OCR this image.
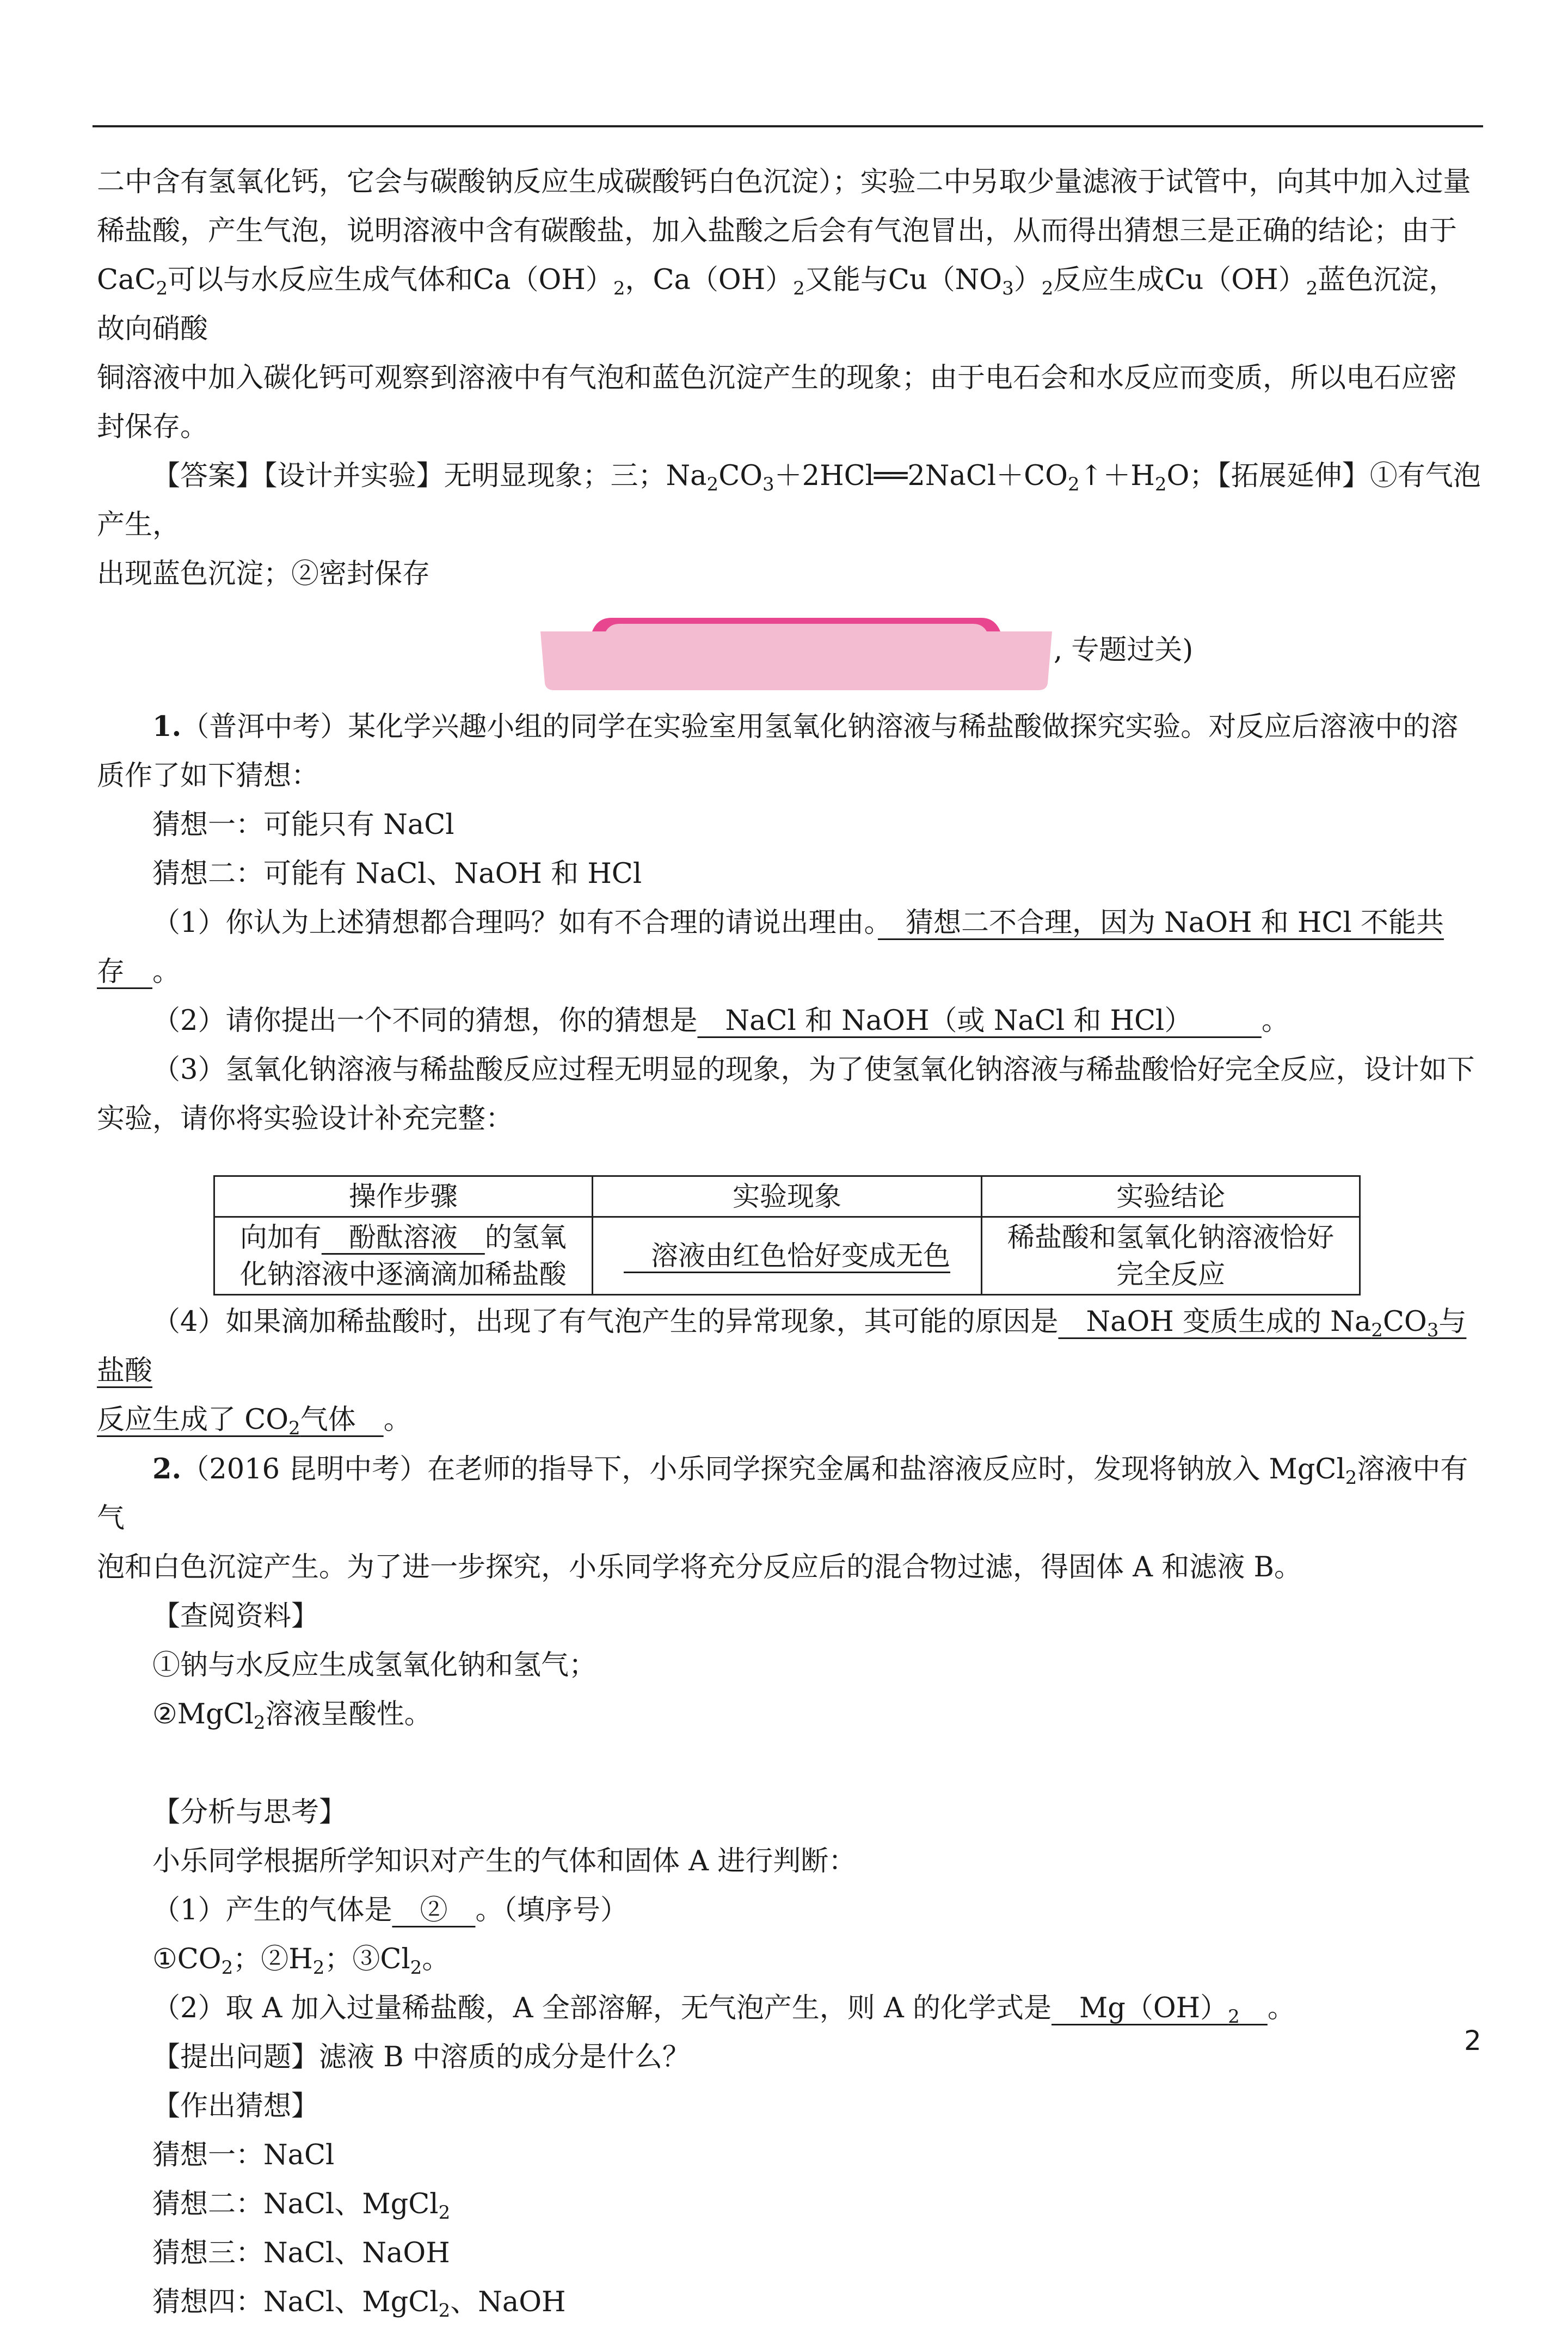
二中含有氢氧化钙，它会与碳酸钠反应生成碳酸钙白色沉淀）；实验二中另取少量滤液于试管中，向其中加入过量

稀盐酸，产生气泡，说明溶液中含有碳酸盐，加入盐酸之后会有气泡冒出，从而得出猜想三是正确的结论；由于

CaC$_2$可以与水反应生成气体和$Ca(OH)_2$，$Ca(OH)_2$又能与$Cu(NO_3)_2$反应生成$Cu(OH)_2$蓝色沉淀，故向硝酸

铜溶液中加入碳化钙可观察到溶液中有气泡和蓝色沉淀产生的现象；由于电石会和水反应而变质，所以电石应密

封保存。

【答案】【设计并实验】无明显现象；三；$Na_2CO_3+2HCl══2NaCl+CO_2↑+H_2O$；【拓展延伸】①有气泡产生，

出现蓝色沉淀；②密封保存

, 专题过关)

1.（普洱中考）某化学兴趣小组的同学在实验室用氢氧化钠溶液与稀盐酸做探究实验。对反应后溶液中的溶

质作了如下猜想：

猜想一：可能只有 NaCl

猜想二：可能有 NaCl、NaOH 和 HCl

（1）你认为上述猜想都合理吗？如有不合理的请说出理由。　猜想二不合理，因为 NaOH 和 HCl 不能共

存　。

（2）请你提出一个不同的猜想，你的猜想是　NaCl 和 NaOH（或 NaCl 和 HCl）　　　。

（3）氢氧化钠溶液与稀盐酸反应过程无明显的现象，为了使氢氧化钠溶液与稀盐酸恰好完全反应，设计如下

实验，请你将实验设计补充完整：

操作步骤	实验现象	实验结论
向加有　酚酞溶液　的氢氧
化钠溶液中逐滴滴加稀盐酸	　溶液由红色恰好变成无色	稀盐酸和氢氧化钠溶液恰好
完全反应

（4）如果滴加稀盐酸时，出现了有气泡产生的异常现象，其可能的原因是　NaOH 变质生成的 $Na_2CO_3$与盐酸

反应生成了 $CO_2$气体　。

2.（2016 昆明中考）在老师的指导下，小乐同学探究金属和盐溶液反应时，发现将钠放入 MgCl$_2$溶液中有气

泡和白色沉淀产生。为了进一步探究，小乐同学将充分反应后的混合物过滤，得固体 A 和滤液 B。

【查阅资料】

①钠与水反应生成氢氧化钠和氢气；

②MgCl$_2$溶液呈酸性。

【分析与思考】

小乐同学根据所学知识对产生的气体和固体 A 进行判断：

（1）产生的气体是　②　。（填序号）

$①CO_2$；$②H_2$；$③Cl_2$。

（2）取 A 加入过量稀盐酸，A 全部溶解，无气泡产生，则 A 的化学式是　$Mg(OH)_2$　 。

【提出问题】滤液 B 中溶质的成分是什么？

【作出猜想】

猜想一：NaCl

猜想二：NaCl、MgCl$_2$

猜想三：NaCl、NaOH

猜想四：NaCl、MgCl$_2$、NaOH

2
